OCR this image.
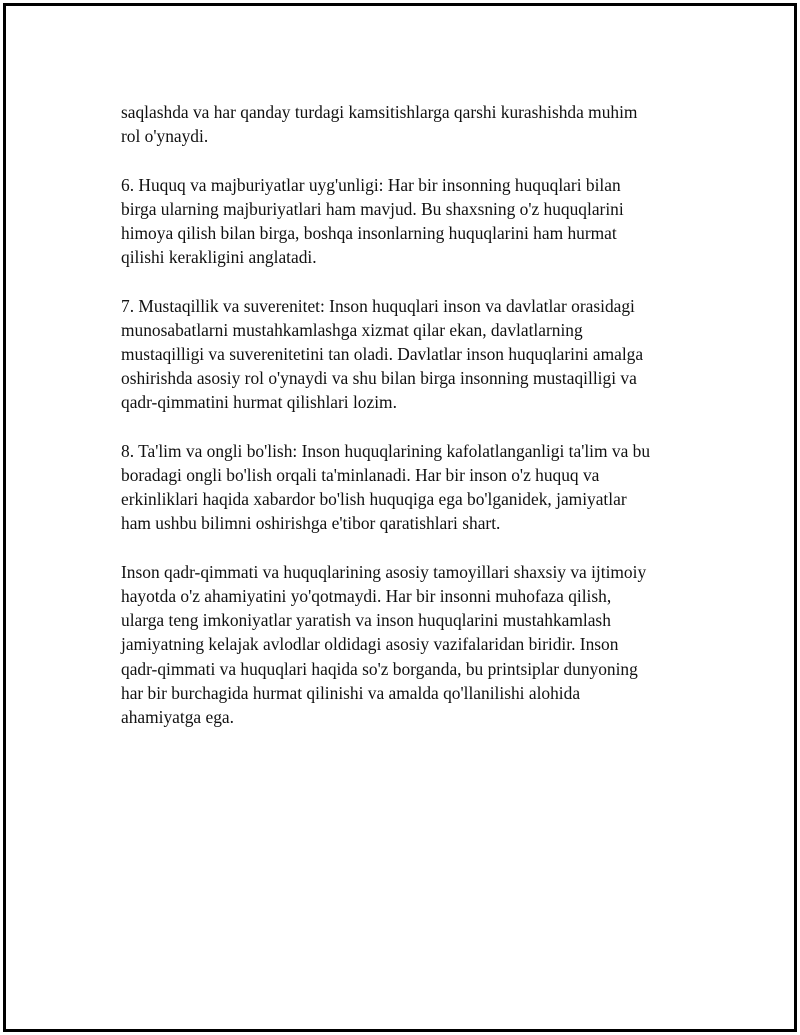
saqlashda va har qanday turdagi kamsitishlarga qarshi kurashishda muhim
rol o'ynaydi.

6. Huquq va majburiyatlar uyg'unligi: Har bir insonning huquqlari bilan
birga ularning majburiyatlari ham mavjud. Bu shaxsning o'z huquqlarini
himoya qilish bilan birga, boshqa insonlarning huquqlarini ham hurmat
qilishi kerakligini anglatadi.

7. Mustaqillik va suverenitet: Inson huquqlari inson va davlatlar orasidagi
munosabatlarni mustahkamlashga xizmat qilar ekan, davlatlarning
mustaqilligi va suverenitetini tan oladi. Davlatlar inson huquqlarini amalga
oshirishda asosiy rol o'ynaydi va shu bilan birga insonning mustaqilligi va
qadr-qimmatini hurmat qilishlari lozim.

8. Ta'lim va ongli bo'lish: Inson huquqlarining kafolatlanganligi ta'lim va bu
boradagi ongli bo'lish orqali ta'minlanadi. Har bir inson o'z huquq va
erkinliklari haqida xabardor bo'lish huquqiga ega bo'lganidek, jamiyatlar
ham ushbu bilimni oshirishga e'tibor qaratishlari shart.

Inson qadr-qimmati va huquqlarining asosiy tamoyillari shaxsiy va ijtimoiy
hayotda o'z ahamiyatini yo'qotmaydi. Har bir insonni muhofaza qilish,
ularga teng imkoniyatlar yaratish va inson huquqlarini mustahkamlash
jamiyatning kelajak avlodlar oldidagi asosiy vazifalaridan biridir. Inson
qadr-qimmati va huquqlari haqida so'z borganda, bu printsiplar dunyoning
har bir burchagida hurmat qilinishi va amalda qo'llanilishi alohida
ahamiyatga ega.
